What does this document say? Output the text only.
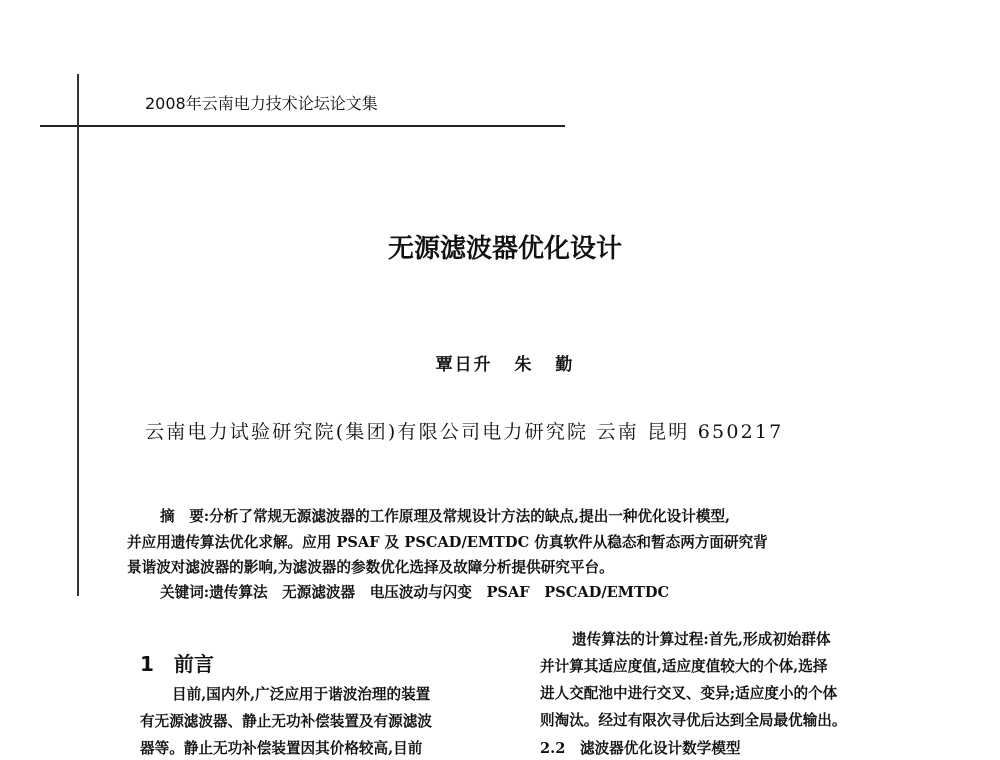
2008年云南电力技术论坛论文集
无源滤波器优化设计
覃日升 朱 勤
云南电力试验研究院(集团)有限公司电力研究院 云南 昆明 650217
摘　要:分析了常规无源滤波器的工作原理及常规设计方法的缺点,提出一种优化设计模型,
并应用遗传算法优化求解。应用 PSAF 及 PSCAD/EMTDC 仿真软件从稳态和暂态两方面研究背
景谐波对滤波器的影响,为滤波器的参数优化选择及故障分析提供研究平台。
关键词:遗传算法　无源滤波器　电压波动与闪变　PSAF　PSCAD/EMTDC
1　前言
目前,国内外,广泛应用于谐波治理的装置
有无源滤波器、静止无功补偿装置及有源滤波
器等。静止无功补偿装置因其价格较高,目前
遗传算法的计算过程:首先,形成初始群体
并计算其适应度值,适应度值较大的个体,选择
进人交配池中进行交叉、变异;适应度小的个体
则淘汰。经过有限次寻优后达到全局最优输出。
2.2　滤波器优化设计数学模型
